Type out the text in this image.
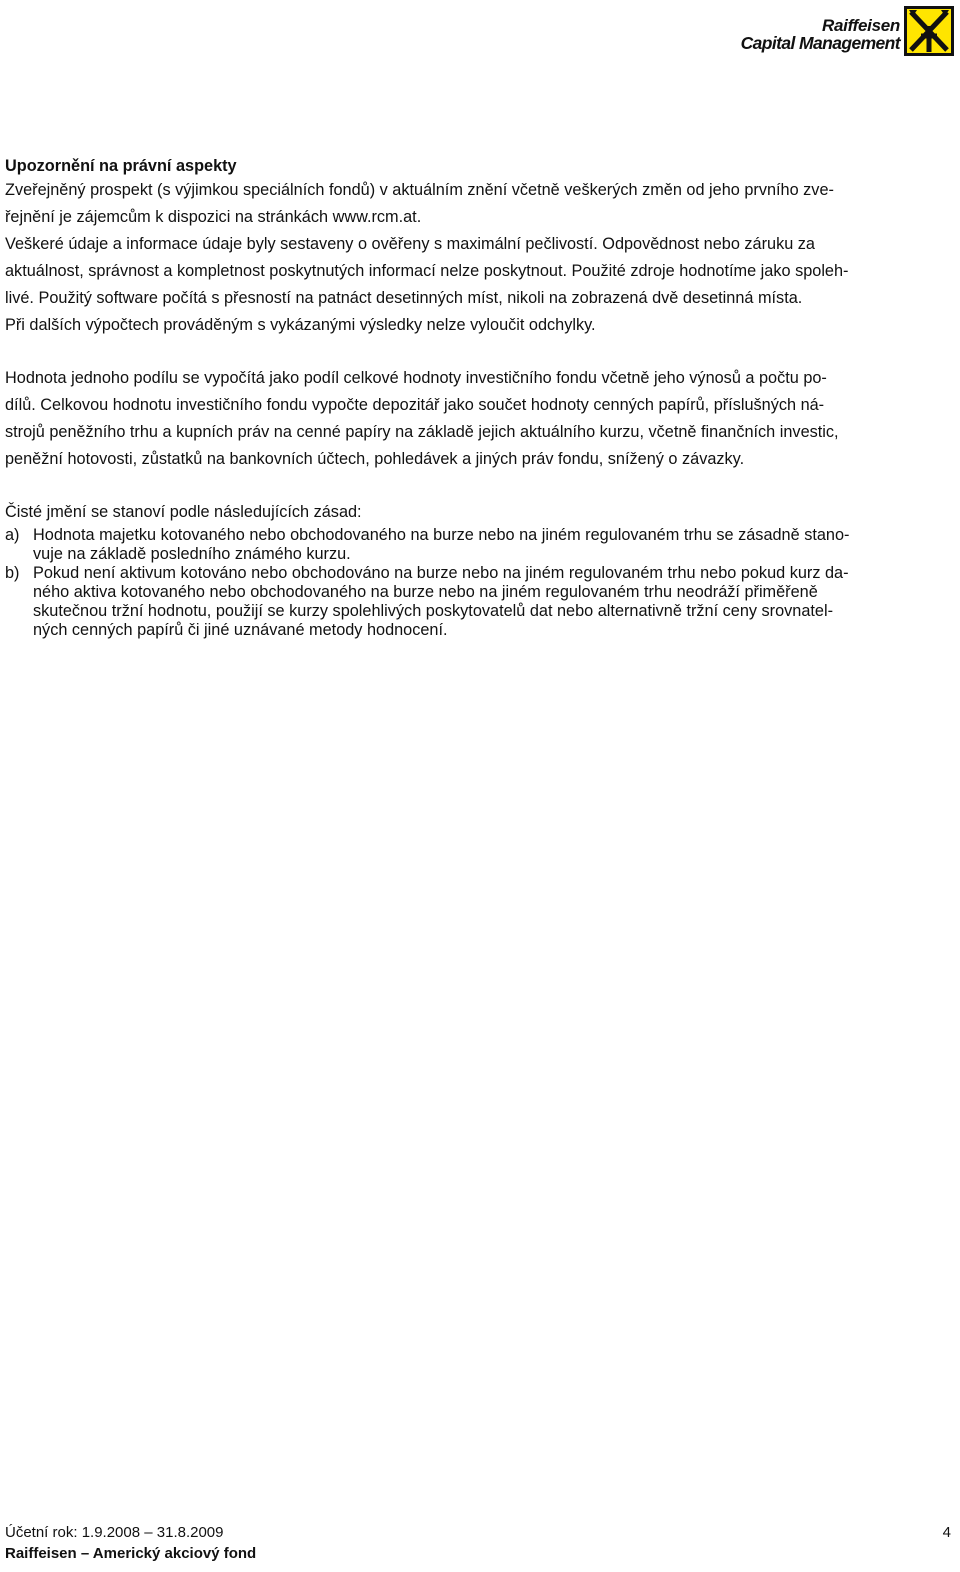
Raiffeisen
Capital Management
Upozornění na právní aspekty

Zveřejněný prospekt (s výjimkou speciálních fondů) v aktuálním znění včetně veškerých změn od jeho prvního zve-
řejnění je zájemcům k dispozici na stránkách www.rcm.at.
Veškeré údaje a informace údaje byly sestaveny o ověřeny s maximální pečlivostí. Odpovědnost nebo záruku za
aktuálnost, správnost a kompletnost poskytnutých informací nelze poskytnout. Použité zdroje hodnotíme jako spoleh-
livé. Použitý software počítá s přesností na patnáct desetinných míst, nikoli na zobrazená dvě desetinná místa.
Při dalších výpočtech prováděným s vykázanými výsledky nelze vyloučit odchylky.

Hodnota jednoho podílu se vypočítá jako podíl celkové hodnoty investičního fondu včetně jeho výnosů a počtu po-
dílů. Celkovou hodnotu investičního fondu vypočte depozitář jako součet hodnoty cenných papírů, příslušných ná-
strojů peněžního trhu a kupních práv na cenné papíry na základě jejich aktuálního kurzu, včetně finančních investic,
peněžní hotovosti, zůstatků na bankovních účtech, pohledávek a jiných práv fondu, snížený o závazky.

Čisté jmění se stanoví podle následujících zásad:

a) Hodnota majetku kotovaného nebo obchodovaného na burze nebo na jiném regulovaném trhu se zásadně stano-
vuje na základě posledního známého kurzu.
b) Pokud není aktivum kotováno nebo obchodováno na burze nebo na jiném regulovaném trhu nebo pokud kurz da-
ného aktiva kotovaného nebo obchodovaného na burze nebo na jiném regulovaném trhu neodráží přiměřeně
skutečnou tržní hodnotu, použijí se kurzy spolehlivých poskytovatelů dat nebo alternativně tržní ceny srovnatel-
ných cenných papírů či jiné uznávané metody hodnocení.
Účetní rok: 1.9.2008 – 31.8.2009	4
Raiffeisen – Americký akciový fond
